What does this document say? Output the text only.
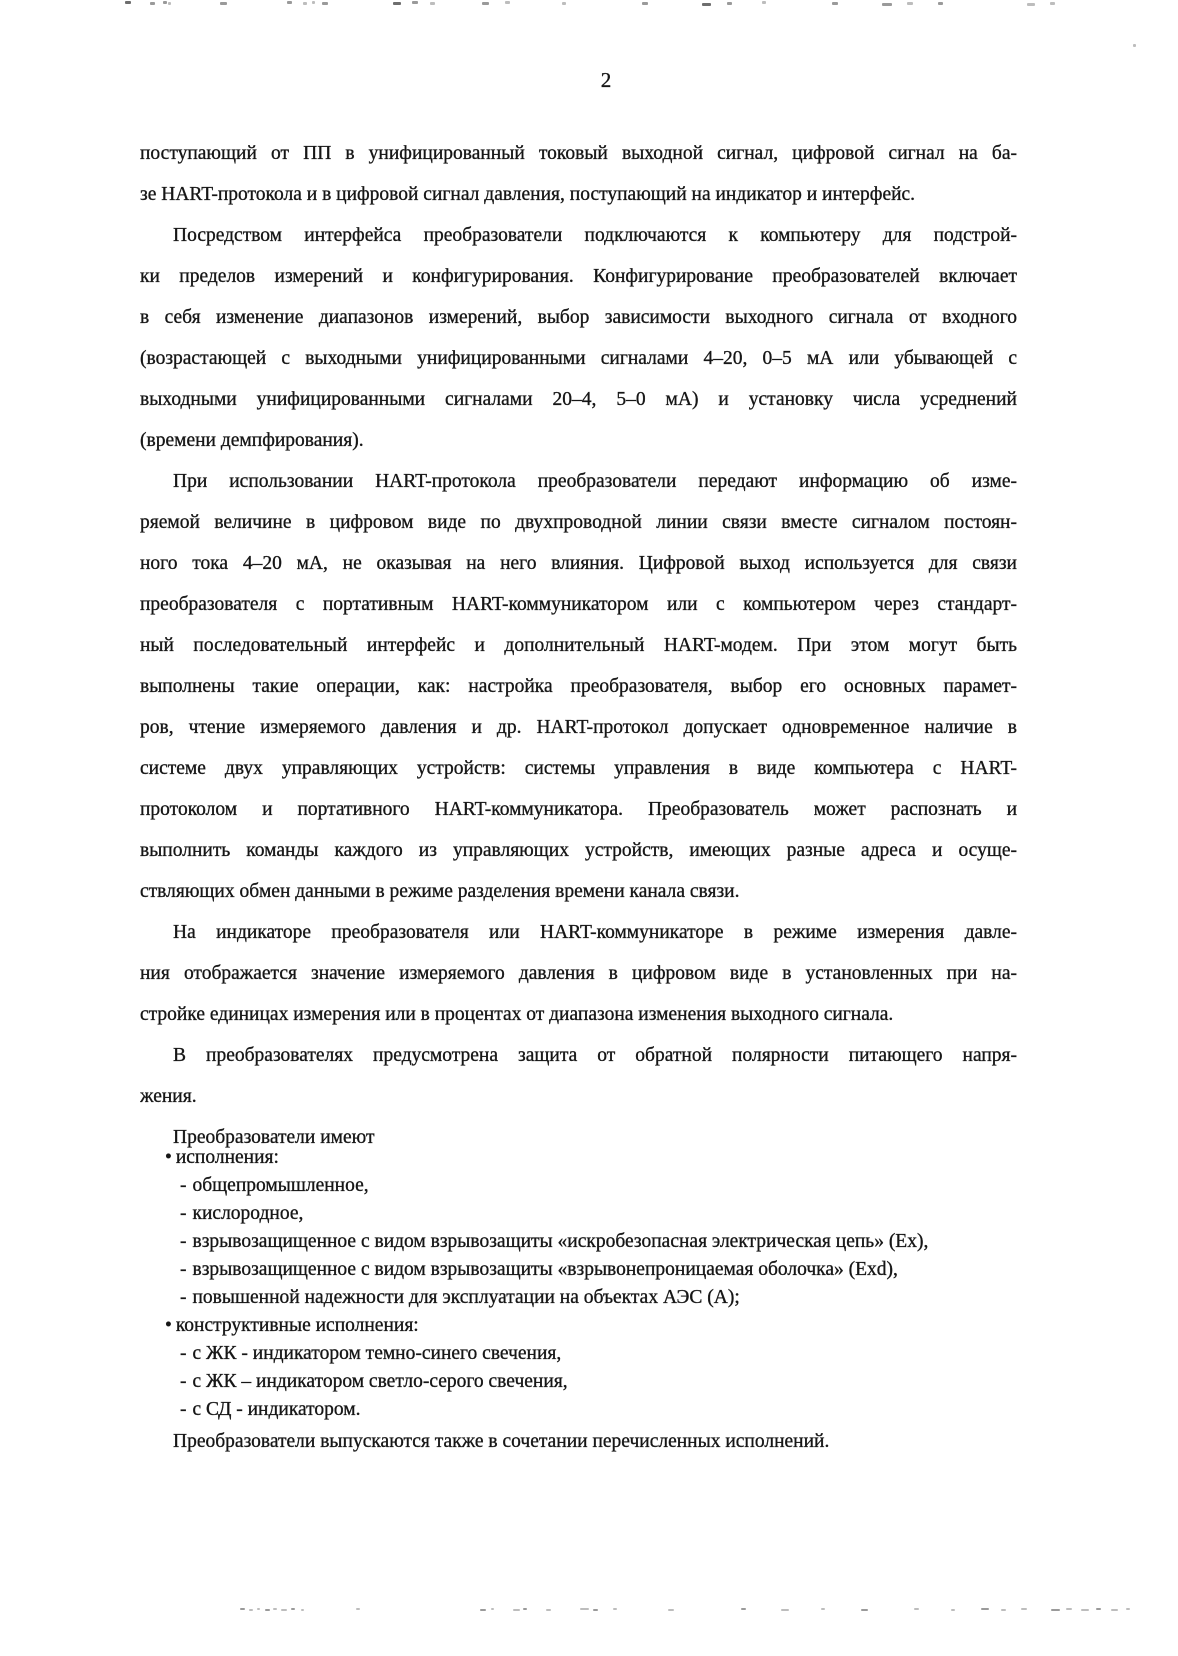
2
поступающий от ПП в унифицированный токовый выходной сигнал, цифровой сигнал на ба-
зе HART-протокола и в цифровой сигнал давления, поступающий на индикатор и интерфейс.
Посредством интерфейса преобразователи подключаются к компьютеру для подстрой-
ки пределов измерений и конфигурирования. Конфигурирование преобразователей включает
в себя изменение диапазонов измерений, выбор зависимости выходного сигнала от входного
(возрастающей с выходными унифицированными сигналами 4–20, 0–5 мА или убывающей с
выходными унифицированными сигналами 20–4, 5–0 мА) и установку числа усреднений
(времени демпфирования).
При использовании HART-протокола преобразователи передают информацию об изме-
ряемой величине в цифровом виде по двухпроводной линии связи вместе сигналом постоян-
ного тока 4–20 мА, не оказывая на него влияния. Цифровой выход используется для связи
преобразователя с портативным HART-коммуникатором или с компьютером через стандарт-
ный последовательный интерфейс и дополнительный HART-модем. При этом могут быть
выполнены такие операции, как: настройка преобразователя, выбор его основных парамет-
ров, чтение измеряемого давления и др. HART-протокол допускает одновременное наличие в
системе двух управляющих устройств: системы управления в виде компьютера с HART-
протоколом и портативного HART-коммуникатора. Преобразователь может распознать и
выполнить команды каждого из управляющих устройств, имеющих разные адреса и осуще-
ствляющих обмен данными в режиме разделения времени канала связи.
На индикаторе преобразователя или HART-коммуникаторе в режиме измерения давле-
ния отображается значение измеряемого давления в цифровом виде в установленных при на-
стройке единицах измерения или в процентах от диапазона изменения выходного сигнала.
В преобразователях предусмотрена защита от обратной полярности питающего напря-
жения.
Преобразователи имеют
• исполнения:
- общепромышленное,
- кислородное,
- взрывозащищенное с видом взрывозащиты «искробезопасная электрическая цепь» (Ex),
- взрывозащищенное с видом взрывозащиты «взрывонепроницаемая оболочка» (Exd),
- повышенной надежности для эксплуатации на объектах АЭС (А);
• конструктивные исполнения:
- с ЖК - индикатором темно-синего свечения,
- с ЖК – индикатором светло-серого свечения,
- с СД - индикатором.
Преобразователи выпускаются также в сочетании перечисленных исполнений.
